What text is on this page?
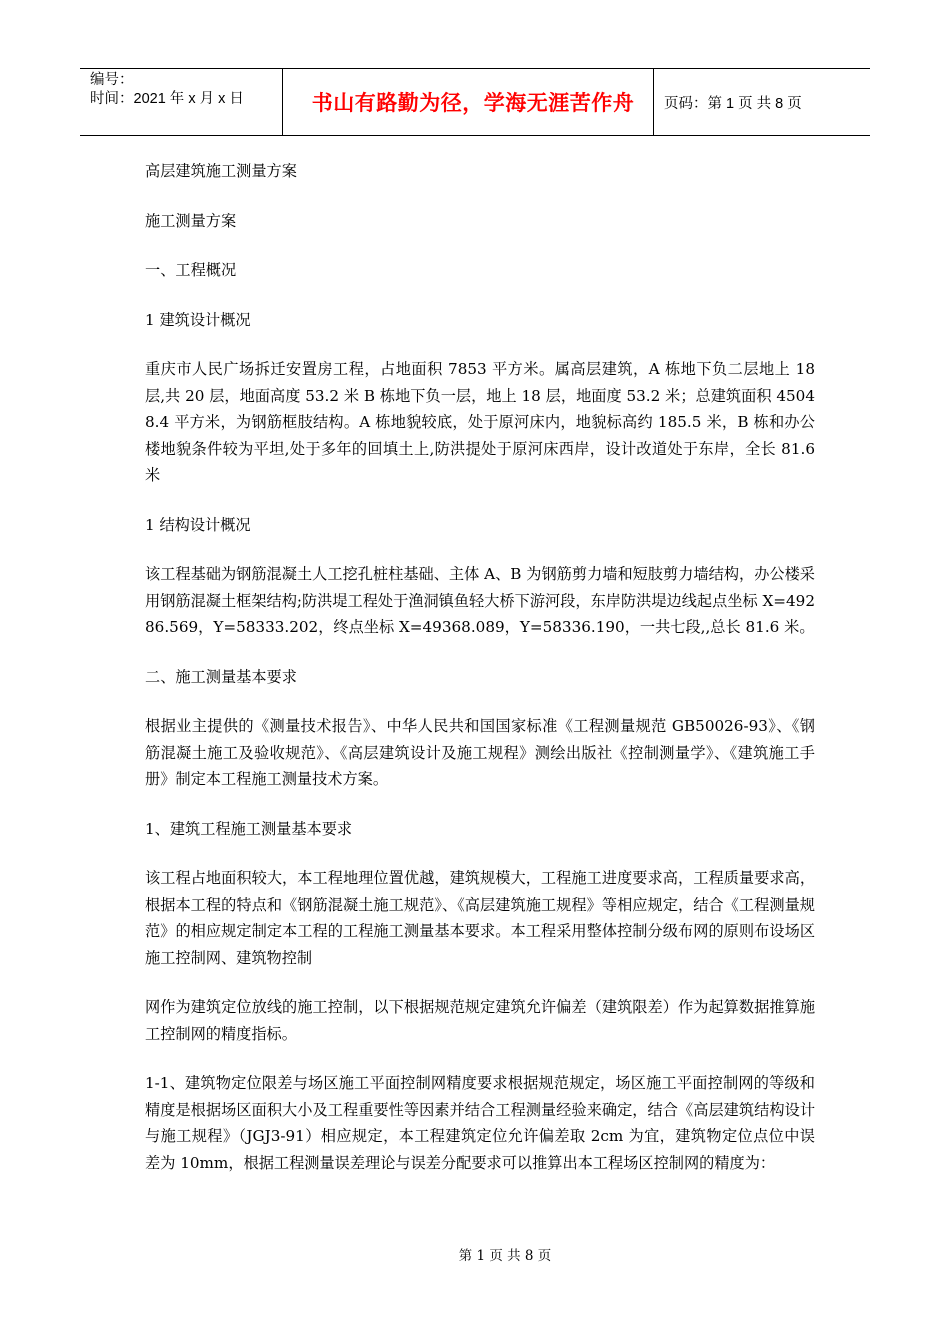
编号：
时间：2021 年 x 月 x 日	书山有路勤为径，学海无涯苦作舟 页码：第 1 页 共 8 页

高层建筑施工测量方案

施工测量方案

一、工程概况

1 建筑设计概况

重庆市人民广场拆迁安置房工程，占地面积 7853 平方米。属高层建筑，A 栋地下负二层地上 18 层,共 20 层，地面高度 53.2 米 B 栋地下负一层，地上 18 层，地面度 53.2 米；总建筑面积 45048.4 平方米，为钢筋框肢结构。A 栋地貌较底，处于原河床内，地貌标高约 185.5 米，B 栋和办公楼地貌条件较为平坦,处于多年的回填土上,防洪提处于原河床西岸，设计改道处于东岸，全长 81.6 米

1 结构设计概况

该工程基础为钢筋混凝土人工挖孔桩柱基础、主体 A、B 为钢筋剪力墙和短肢剪力墙结构，办公楼采用钢筋混凝土框架结构;防洪堤工程处于渔洞镇鱼轻大桥下游河段，东岸防洪堤边线起点坐标 X=49286.569，Y=58333.202，终点坐标 X=49368.089，Y=58336.190，一共七段,,总长 81.6 米。

二、施工测量基本要求

根据业主提供的《测量技术报告》、中华人民共和国国家标准《工程测量规范 GB50026-93》、《钢筋混凝土施工及验收规范》、《高层建筑设计及施工规程》测绘出版社《控制测量学》、《建筑施工手册》制定本工程施工测量技术方案。

1、建筑工程施工测量基本要求

该工程占地面积较大，本工程地理位置优越，建筑规模大，工程施工进度要求高，工程质量要求高，根据本工程的特点和《钢筋混凝土施工规范》、《高层建筑施工规程》等相应规定，结合《工程测量规范》的相应规定制定本工程的工程施工测量基本要求。本工程采用整体控制分级布网的原则布设场区施工控制网、建筑物控制

网作为建筑定位放线的施工控制，以下根据规范规定建筑允许偏差（建筑限差）作为起算数据推算施工控制网的精度指标。

1-1、建筑物定位限差与场区施工平面控制网精度要求根据规范规定，场区施工平面控制网的等级和精度是根据场区面积大小及工程重要性等因素并结合工程测量经验来确定，结合《高层建筑结构设计与施工规程》（JGJ3-91）相应规定，本工程建筑定位允许偏差取 2cm 为宜，建筑物定位点位中误差为 10mm，根据工程测量误差理论与误差分配要求可以推算出本工程场区控制网的精度为：

第 1 页 共 8 页
